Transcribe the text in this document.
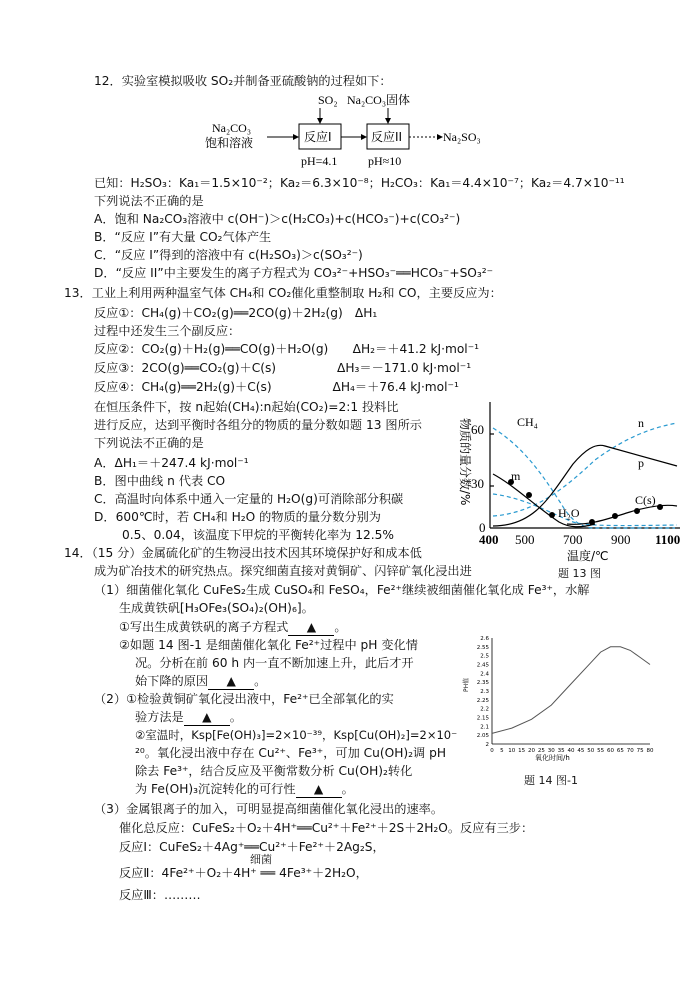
12．实验室模拟吸收 SO₂并制备亚硫酸钠的过程如下：
SO₂ Na₂CO₃固体
Na₂CO₃
饱和溶液	反应I	反应II	Na₂SO₃
pH=4.1	pH≈10
已知：H₂SO₃：Ka₁＝1.5×10⁻²；Ka₂＝6.3×10⁻⁸；H₂CO₃：Ka₁＝4.4×10⁻⁷；Ka₂＝4.7×10⁻¹¹
下列说法不正确的是
A．饱和 Na₂CO₃溶液中 c(OH⁻)＞c(H₂CO₃)+c(HCO₃⁻)+c(CO₃²⁻)
B．“反应 I”有大量 CO₂气体产生
C．“反应 I”得到的溶液中有 c(H₂SO₃)＞c(SO₃²⁻)
D．“反应 II”中主要发生的离子方程式为 CO₃²⁻+HSO₃⁻══HCO₃⁻+SO₃²⁻
13．工业上利用两种温室气体 CH₄和 CO₂催化重整制取 H₂和 CO，主要反应为：
反应①：CH₄(g)＋CO₂(g)══2CO(g)＋2H₂(g)　ΔH₁
过程中还发生三个副反应：
反应②：CO₂(g)＋H₂(g)══CO(g)＋H₂O(g)　　ΔH₂＝＋41.2 kJ·mol⁻¹
反应③：2CO(g)══CO₂(g)＋C(s)　　　　　ΔH₃＝－171.0 kJ·mol⁻¹
反应④：CH₄(g)══2H₂(g)＋C(s)　　　　　ΔH₄＝＋76.4 kJ·mol⁻¹
在恒压条件下，按 n起始(CH₄):n起始(CO₂)=2:1 投料比
进行反应，达到平衡时各组分的物质的量分数如题 13 图所示
下列说法不正确的是
A．ΔH₁＝＋247.4 kJ·mol⁻¹
B．图中曲线 n 代表 CO
C．高温时向体系中通入一定量的 H₂O(g)可消除部分积碳
D．600℃时，若 CH₄和 H₂O 的物质的量分数分别为
0.5、0.04，该温度下甲烷的平衡转化率为 12.5%
60
30
0
400 500 700 900 1100
温度/℃
物质的量分数/%	CH₄	n
p
m
H₂O
C(s)
题 13 图
14．（15 分）金属硫化矿的生物浸出技术因其环境保护好和成本低
成为矿冶技术的研究热点。探究细菌直接对黄铜矿、闪锌矿氧化浸出进
（1）细菌催化氧化 CuFeS₂生成 CuSO₄和 FeSO₄，Fe²⁺继续被细菌催化氧化成 Fe³⁺，水解
生成黄铁矾[H₃OFe₃(SO₄)₂(OH)₆]。
①写出生成黄铁矾的离子方程式 ▲ 。
②如题 14 图-1 是细菌催化氧化 Fe²⁺过程中 pH 变化情
况。分析在前 60 h 内一直不断加速上升，此后才开
始下降的原因 ▲ 。
（2）①检验黄铜矿氧化浸出液中，Fe²⁺已全部氧化的实
验方法是 ▲ 。
②室温时，Ksp[Fe(OH)₃]=2×10⁻³⁹，Ksp[Cu(OH)₂]=2×10⁻
²⁰。氧化浸出液中存在 Cu²⁺、Fe³⁺，可加 Cu(OH)₂调 pH
除去 Fe³⁺，结合反应及平衡常数分析 Cu(OH)₂转化
为 Fe(OH)₃沉淀转化的可行性 ▲ 。
（3）金属银离子的加入，可明显提高细菌催化氧化浸出的速率。
催化总反应：CuFeS₂＋O₂＋4H⁺══Cu²⁺＋Fe²⁺＋2S＋2H₂O。反应有三步：
反应Ⅰ：CuFeS₂＋4Ag⁺══Cu²⁺＋Fe²⁺＋2Ag₂S，
细菌
反应Ⅱ：4Fe²⁺＋O₂＋4H⁺ ══ 4Fe³⁺＋2H₂O，
反应Ⅲ：………
PH值
氧化时间/h
2
2.05
2.1
2.15
2.2
2.25
2.3
2.35
2.4
2.45
2.5
2.55
2.6
0 5 10 15 20 25 30 35 40 45 50 55 60 65 70 75 80
题 14 图-1
